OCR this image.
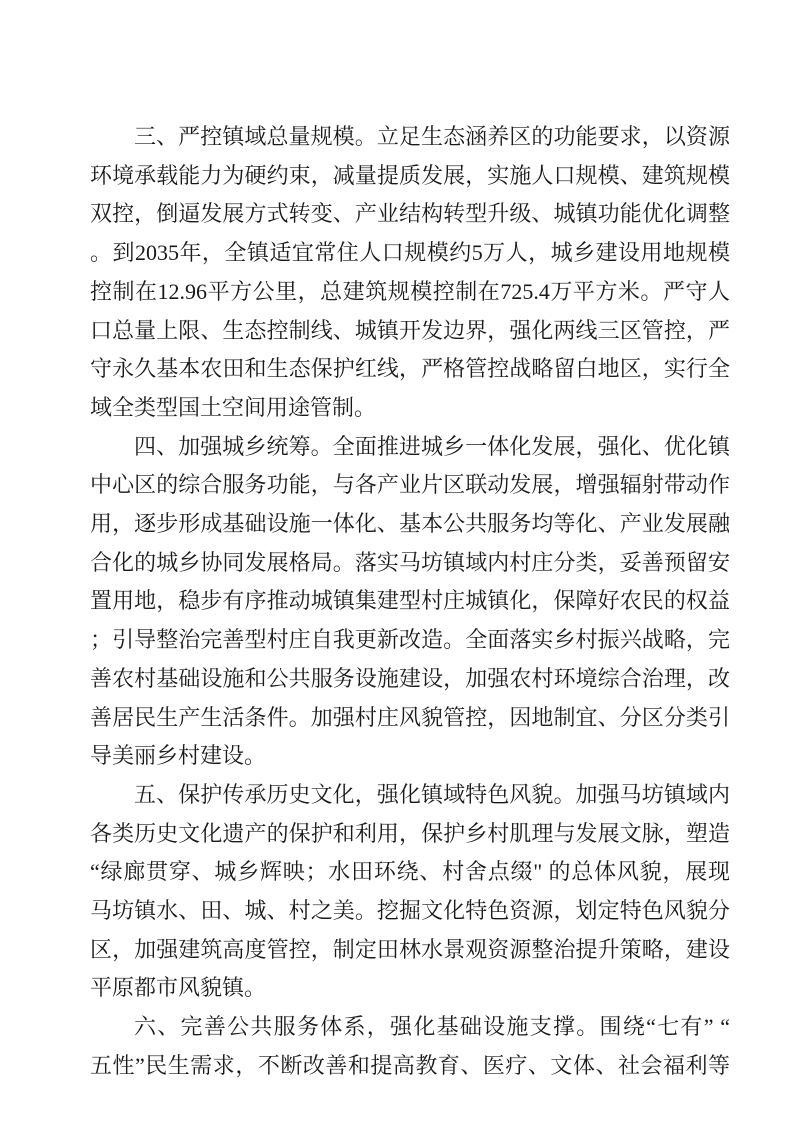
三、严控镇域总量规模。立足生态涵养区的功能要求，以资源
环境承载能力为硬约束，减量提质发展，实施人口规模、建筑规模
双控，倒逼发展方式转变、产业结构转型升级、城镇功能优化调整
。到2035年，全镇适宜常住人口规模约5万人，城乡建设用地规模
控制在12.96平方公里，总建筑规模控制在725.4万平方米。严守人
口总量上限、生态控制线、城镇开发边界，强化两线三区管控，严
守永久基本农田和生态保护红线，严格管控战略留白地区，实行全
域全类型国土空间用途管制。
四、加强城乡统筹。全面推进城乡一体化发展，强化、优化镇
中心区的综合服务功能，与各产业片区联动发展，增强辐射带动作
用，逐步形成基础设施一体化、基本公共服务均等化、产业发展融
合化的城乡协同发展格局。落实马坊镇域内村庄分类，妥善预留安
置用地，稳步有序推动城镇集建型村庄城镇化，保障好农民的权益
；引导整治完善型村庄自我更新改造。全面落实乡村振兴战略，完
善农村基础设施和公共服务设施建设，加强农村环境综合治理，改
善居民生产生活条件。加强村庄风貌管控，因地制宜、分区分类引
导美丽乡村建设。
五、保护传承历史文化，强化镇域特色风貌。加强马坊镇域内
各类历史文化遗产的保护和利用，保护乡村肌理与发展文脉，塑造
“绿廊贯穿、城乡辉映；水田环绕、村舍点缀" 的总体风貌，展现
马坊镇水、田、城、村之美。挖掘文化特色资源，划定特色风貌分
区，加强建筑高度管控，制定田林水景观资源整治提升策略，建设
平原都市风貌镇。
六、完善公共服务体系，强化基础设施支撑。围绕“七有” “
五性”民生需求，不断改善和提高教育、医疗、文体、社会福利等
